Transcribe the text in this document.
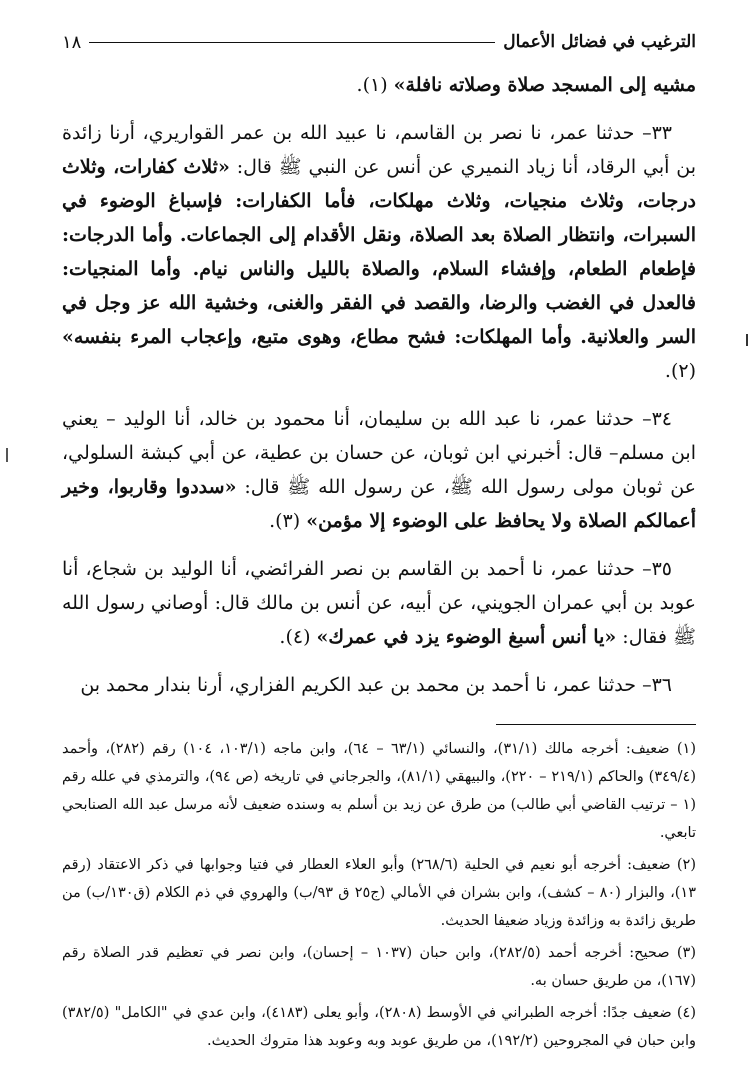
الترغيب في فضائل الأعمال
١٨

مشيه إلى المسجد صلاة وصلاته نافلة» (١).

٣٣– حدثنا عمر، نا نصر بن القاسم، نا عبيد الله بن عمر القواريري، أرنا زائدة بن أبي الرقاد، أنا زياد النميري عن أنس عن النبي ﷺ قال: «ثلاث كفارات، وثلاث درجات، وثلاث منجيات، وثلاث مهلكات، فأما الكفارات: فإسباغ الوضوء في السبرات، وانتظار الصلاة بعد الصلاة، ونقل الأقدام إلى الجماعات. وأما الدرجات: فإطعام الطعام، وإفشاء السلام، والصلاة بالليل والناس نيام. وأما المنجيات: فالعدل في الغضب والرضا، والقصد في الفقر والغنى، وخشية الله عز وجل في السر والعلانية. وأما المهلكات: فشح مطاع، وهوى متبع، وإعجاب المرء بنفسه» (٢).

٣٤– حدثنا عمر، نا عبد الله بن سليمان، أنا محمود بن خالد، أنا الوليد – يعني ابن مسلم– قال: أخبرني ابن ثوبان، عن حسان بن عطية، عن أبي كبشة السلولي، عن ثوبان مولى رسول الله ﷺ، عن رسول الله ﷺ قال: «سددوا وقاربوا، وخير أعمالكم الصلاة ولا يحافظ على الوضوء إلا مؤمن» (٣).

٣٥– حدثنا عمر، نا أحمد بن القاسم بن نصر الفرائضي، أنا الوليد بن شجاع، أنا عوبد بن أبي عمران الجويني، عن أبيه، عن أنس بن مالك قال: أوصاني رسول الله ﷺ فقال: «يا أنس أسبغ الوضوء يزد في عمرك» (٤).

٣٦– حدثنا عمر، نا أحمد بن محمد بن عبد الكريم الفزاري، أرنا بندار محمد بن

(١) ضعيف: أخرجه مالك (٣١/١)، والنسائي (٦٣/١ – ٦٤)، وابن ماجه (١٠٣/١، ١٠٤) رقم (٢٨٢)، وأحمد (٣٤٩/٤) والحاكم (٢١٩/١ – ٢٢٠)، والبيهقي (٨١/١)، والجرجاني في تاريخه (ص ٩٤)، والترمذي في علله رقم (١ – ترتيب القاضي أبي طالب) من طرق عن زيد بن أسلم به وسنده ضعيف لأنه مرسل عبد الله الصنابحي تابعي.

(٢) ضعيف: أخرجه أبو نعيم في الحلية (٢٦٨/٦) وأبو العلاء العطار في فتيا وجوابها في ذكر الاعتقاد (رقم ١٣)، والبزار (٨٠ – كشف)، وابن بشران في الأمالي (ج٢٥ ق ٩٣/ب) والهروي في ذم الكلام (ق١٣٠/ب) من طريق زائدة به وزائدة وزياد ضعيفا الحديث.

(٣) صحيح: أخرجه أحمد (٢٨٢/٥)، وابن حبان (١٠٣٧ – إحسان)، وابن نصر في تعظيم قدر الصلاة رقم (١٦٧)، من طريق حسان به.

(٤) ضعيف جدًا: أخرجه الطبراني في الأوسط (٢٨٠٨)، وأبو يعلى (٤١٨٣)، وابن عدي في "الكامل" (٣٨٢/٥) وابن حبان في المجروحين (١٩٢/٢)، من طريق عوبد وبه وعوبد هذا متروك الحديث.
